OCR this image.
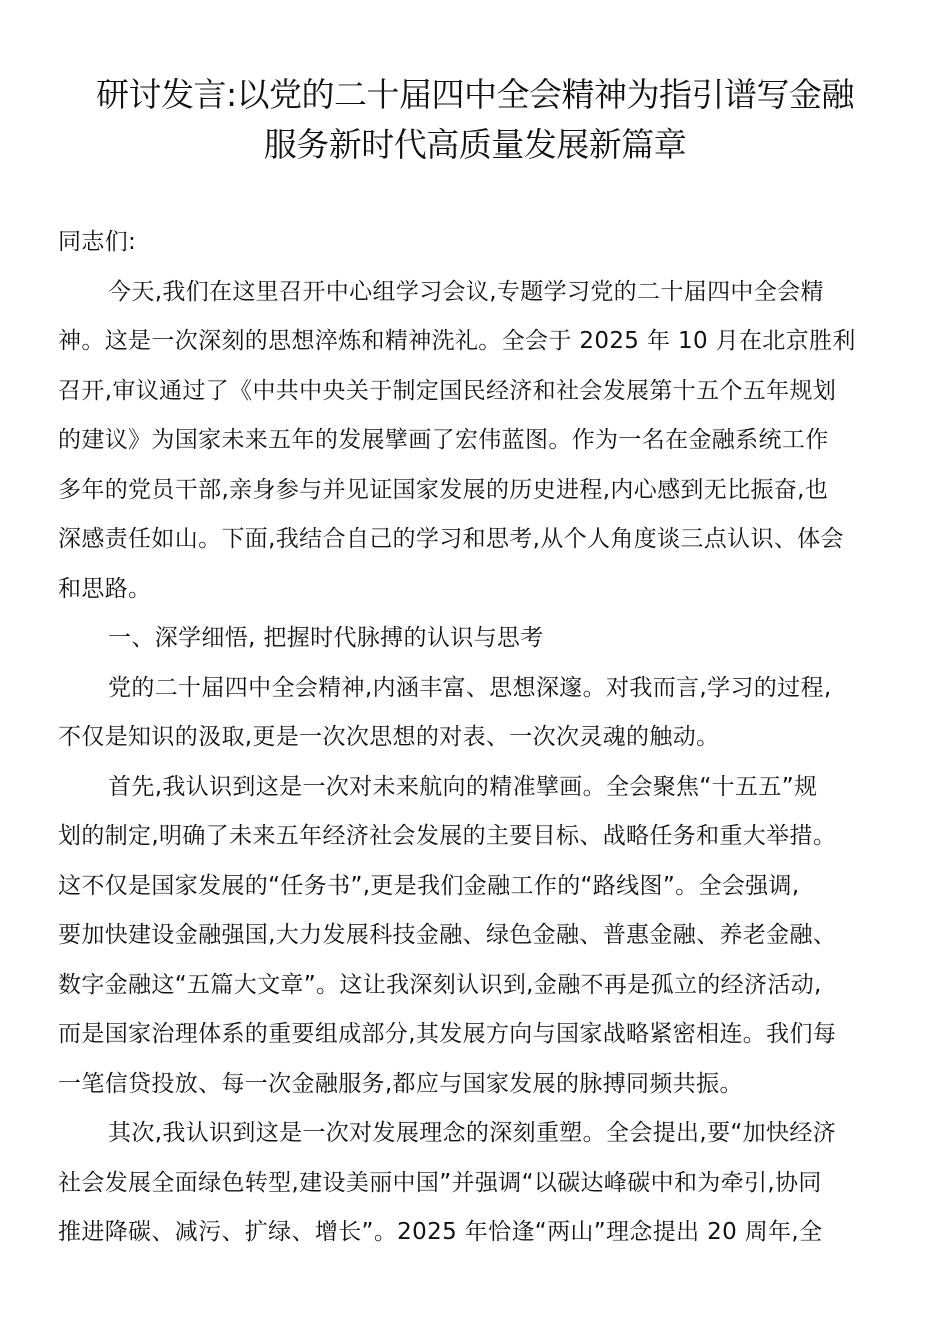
研讨发言:以党的二十届四中全会精神为指引谱写金融
服务新时代高质量发展新篇章
同志们:
今天,我们在这里召开中心组学习会议,专题学习党的二十届四中全会精
神。这是一次深刻的思想淬炼和精神洗礼。全会于 2025 年 10 月在北京胜利
召开,审议通过了《中共中央关于制定国民经济和社会发展第十五个五年规划
的建议》为国家未来五年的发展擘画了宏伟蓝图。作为一名在金融系统工作
多年的党员干部,亲身参与并见证国家发展的历史进程,内心感到无比振奋,也
深感责任如山。下面,我结合自己的学习和思考,从个人角度谈三点认识、体会
和思路。
一、深学细悟, 把握时代脉搏的认识与思考
党的二十届四中全会精神,内涵丰富、思想深邃。对我而言,学习的过程,
不仅是知识的汲取,更是一次次思想的对表、一次次灵魂的触动。
首先,我认识到这是一次对未来航向的精准擘画。全会聚焦“十五五”规
划的制定,明确了未来五年经济社会发展的主要目标、战略任务和重大举措。
这不仅是国家发展的“任务书”,更是我们金融工作的“路线图”。全会强调,
要加快建设金融强国,大力发展科技金融、绿色金融、普惠金融、养老金融、
数字金融这“五篇大文章”。这让我深刻认识到,金融不再是孤立的经济活动,
而是国家治理体系的重要组成部分,其发展方向与国家战略紧密相连。我们每
一笔信贷投放、每一次金融服务,都应与国家发展的脉搏同频共振。
其次,我认识到这是一次对发展理念的深刻重塑。全会提出,要“加快经济
社会发展全面绿色转型,建设美丽中国”并强调“以碳达峰碳中和为牵引,协同
推进降碳、减污、扩绿、增长”。2025 年恰逢“两山”理念提出 20 周年,全
